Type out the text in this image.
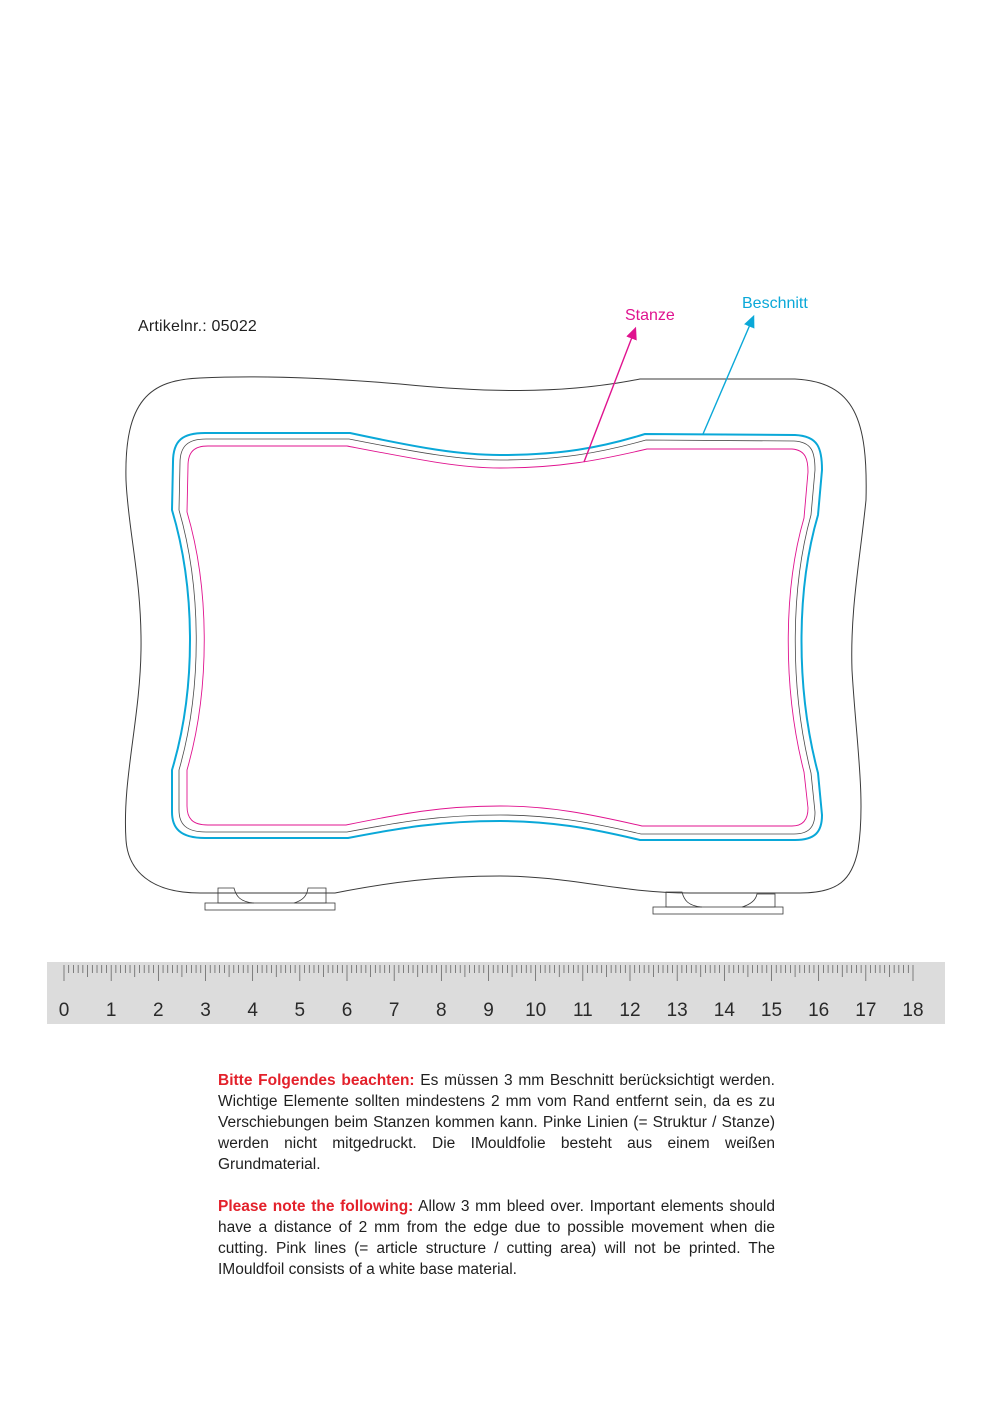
Artikelnr.: 05022
Stanze
Beschnitt
0 1 2 3 4 5 6 7 8 9 10 11 12 13 14 15 16 17 18

Bitte Folgendes beachten: Es müssen 3 mm Beschnitt berücksichtigt werden. Wichtige Elemente sollten mindestens 2 mm vom Rand entfernt sein, da es zu Verschiebungen beim Stanzen kommen kann. Pinke Linien (= Struktur / Stanze) werden nicht mitgedruckt. Die IMouldfolie besteht aus einem weißen Grundmaterial.

Please note the following: Allow 3 mm bleed over. Important elements should have a distance of 2 mm from the edge due to possible movement when die cutting. Pink lines (= article structure / cutting area) will not be printed. The IMouldfoil consists of a white base material.
